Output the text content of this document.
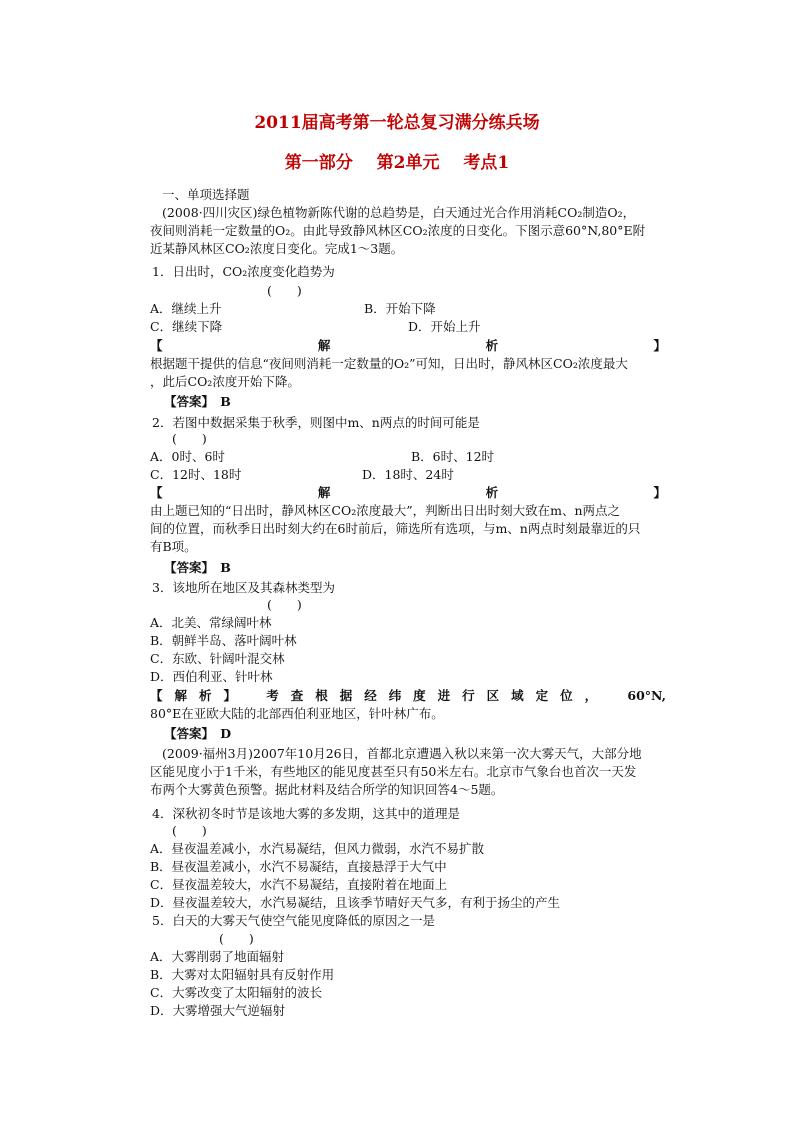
2011届高考第一轮总复习满分练兵场
第一部分 第2单元 考点1
一、单项选择题
(2008·四川灾区)绿色植物新陈代谢的总趋势是，白天通过光合作用消耗CO₂制造O₂，
夜间则消耗一定数量的O₂。由此导致静风林区CO₂浓度的日变化。下图示意60°N,80°E附
近某静风林区CO₂浓度日变化。完成1～3题。
1．日出时，CO₂浓度变化趋势为
(　　)
A．继续上升	B．开始下降
C．继续下降	D．开始上升
【	解	析	】
根据题干提供的信息“夜间则消耗一定数量的O₂”可知，日出时，静风林区CO₂浓度最大
，此后CO₂浓度开始下降。
【答案】　B
2．若图中数据采集于秋季，则图中m、n两点的时间可能是
(　　)
A．0时、6时	B．6时、12时
C．12时、18时	D．18时、24时
【	解	析	】
由上题已知的“日出时，静风林区CO₂浓度最大”，判断出日出时刻大致在m、n两点之
间的位置，而秋季日出时刻大约在6时前后，筛选所有选项，与m、n两点时刻最靠近的只
有B项。
【答案】　B
3．该地所在地区及其森林类型为
(　　)
A．北美、常绿阔叶林
B．朝鲜半岛、落叶阔叶林
C．东欧、针阔叶混交林
D．西伯利亚、针叶林
【解析】　考查根据经纬度进行区域定位，　60°N,
80°E在亚欧大陆的北部西伯利亚地区，针叶林广布。
【答案】　D
(2009·福州3月)2007年10月26日，首都北京遭遇入秋以来第一次大雾天气，大部分地
区能见度小于1千米，有些地区的能见度甚至只有50米左右。北京市气象台也首次一天发
布两个大雾黄色预警。据此材料及结合所学的知识回答4～5题。
4．深秋初冬时节是该地大雾的多发期，这其中的道理是
(　　)
A．昼夜温差减小，水汽易凝结，但风力微弱，水汽不易扩散
B．昼夜温差减小，水汽不易凝结，直接悬浮于大气中
C．昼夜温差较大，水汽不易凝结，直接附着在地面上
D．昼夜温差较大，水汽易凝结，且该季节晴好天气多，有利于扬尘的产生
5．白天的大雾天气使空气能见度降低的原因之一是
(　　)
A．大雾削弱了地面辐射
B．大雾对太阳辐射具有反射作用
C．大雾改变了太阳辐射的波长
D．大雾增强大气逆辐射
